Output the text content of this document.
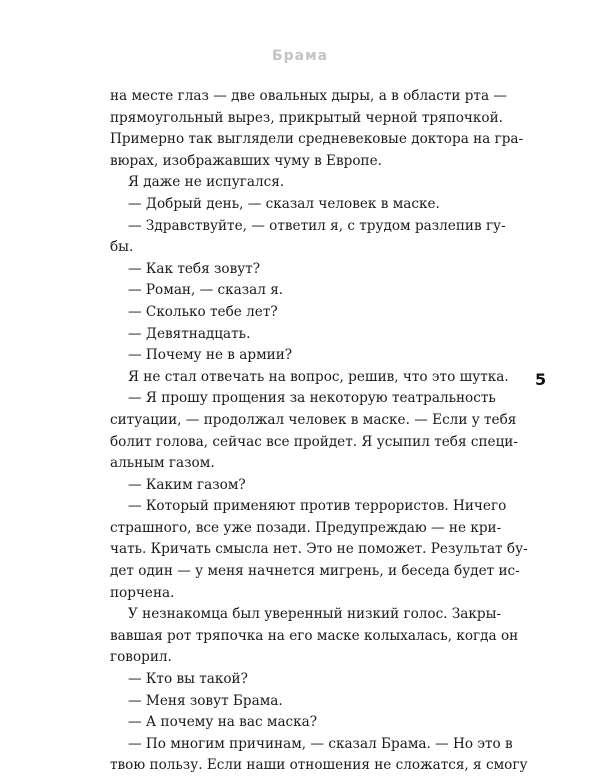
Брама
на месте глаз — две овальных дыры, а в области рта —
прямоугольный вырез, прикрытый черной тряпочкой.
Примерно так выглядели средневековые доктора на гра-
вюрах, изображавших чуму в Европе.
Я даже не испугался.
— Добрый день, — сказал человек в маске.
— Здравствуйте, — ответил я, с трудом разлепив гу-
бы.
— Как тебя зовут?
— Роман, — сказал я.
— Сколько тебе лет?
— Девятнадцать.
— Почему не в армии?
Я не стал отвечать на вопрос, решив, что это шутка.
— Я прошу прощения за некоторую театральность
ситуации, — продолжал человек в маске. — Если у тебя
болит голова, сейчас все пройдет. Я усыпил тебя специ-
альным газом.
— Каким газом?
— Который применяют против террористов. Ничего
страшного, все уже позади. Предупреждаю — не кри-
чать. Кричать смысла нет. Это не поможет. Результат бу-
дет один — у меня начнется мигрень, и беседа будет ис-
порчена.
У незнакомца был уверенный низкий голос. Закры-
вавшая рот тряпочка на его маске колыхалась, когда он
говорил.
— Кто вы такой?
— Меня зовут Брама.
— А почему на вас маска?
— По многим причинам, — сказал Брама. — Но это в
твою пользу. Если наши отношения не сложатся, я смогу
5
